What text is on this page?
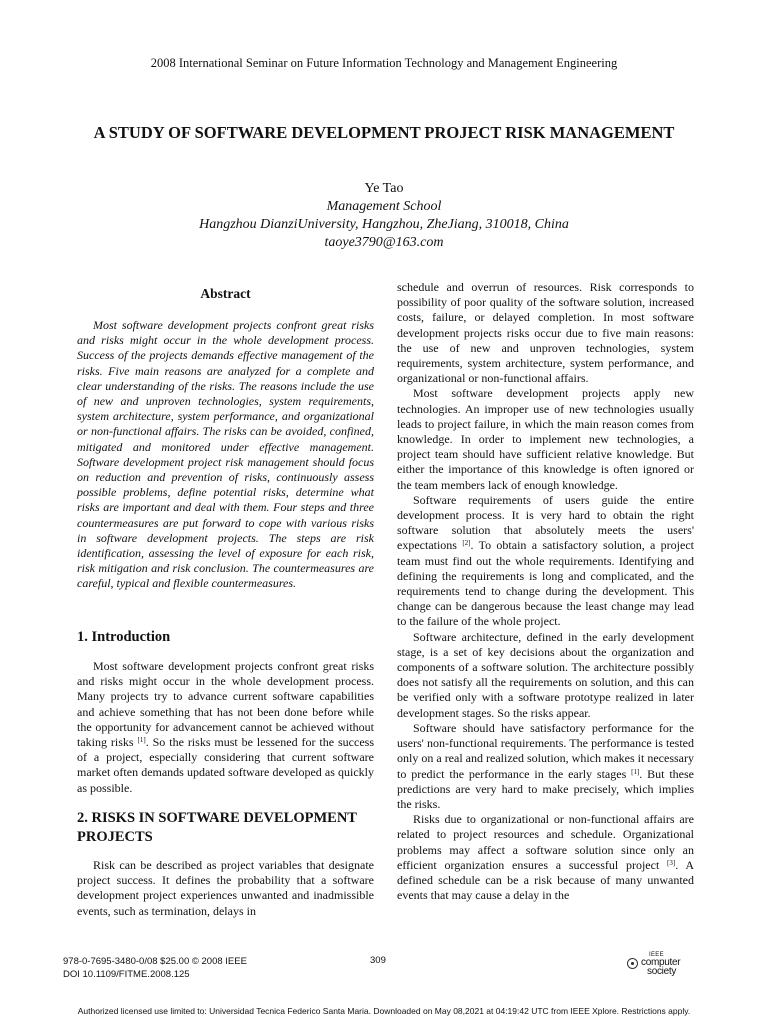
2008 International Seminar on Future Information Technology and Management Engineering
A STUDY OF SOFTWARE DEVELOPMENT PROJECT RISK MANAGEMENT
Ye Tao
Management School
Hangzhou DianziUniversity, Hangzhou, ZheJiang, 310018, China
taoye3790@163.com
Abstract

Most software development projects confront great risks and risks might occur in the whole development process. Success of the projects demands effective management of the risks. Five main reasons are analyzed for a complete and clear understanding of the risks. The reasons include the use of new and unproven technologies, system requirements, system architecture, system performance, and organizational or non-functional affairs. The risks can be avoided, confined, mitigated and monitored under effective management. Software development project risk management should focus on reduction and prevention of risks, continuously assess possible problems, define potential risks, determine what risks are important and deal with them. Four steps and three countermeasures are put forward to cope with various risks in software development projects. The steps are risk identification, assessing the level of exposure for each risk, risk mitigation and risk conclusion. The countermeasures are careful, typical and flexible countermeasures.

1. Introduction

Most software development projects confront great risks and risks might occur in the whole development process. Many projects try to advance current software capabilities and achieve something that has not been done before while the opportunity for advancement cannot be achieved without taking risks [1]. So the risks must be lessened for the success of a project, especially considering that current software market often demands updated software developed as quickly as possible.

2. RISKS IN SOFTWARE DEVELOPMENT PROJECTS

Risk can be described as project variables that designate project success. It defines the probability that a software development project experiences unwanted and inadmissible events, such as termination, delays in

schedule and overrun of resources. Risk corresponds to possibility of poor quality of the software solution, increased costs, failure, or delayed completion. In most software development projects risks occur due to five main reasons: the use of new and unproven technologies, system requirements, system architecture, system performance, and organizational or non-functional affairs.

Most software development projects apply new technologies. An improper use of new technologies usually leads to project failure, in which the main reason comes from knowledge. In order to implement new technologies, a project team should have sufficient relative knowledge. But either the importance of this knowledge is often ignored or the team members lack of enough knowledge.

Software requirements of users guide the entire development process. It is very hard to obtain the right software solution that absolutely meets the users' expectations [2]. To obtain a satisfactory solution, a project team must find out the whole requirements. Identifying and defining the requirements is long and complicated, and the requirements tend to change during the development. This change can be dangerous because the least change may lead to the failure of the whole project.

Software architecture, defined in the early development stage, is a set of key decisions about the organization and components of a software solution. The architecture possibly does not satisfy all the requirements on solution, and this can be verified only with a software prototype realized in later development stages. So the risks appear.

Software should have satisfactory performance for the users' non-functional requirements. The performance is tested only on a real and realized solution, which makes it necessary to predict the performance in the early stages [1]. But these predictions are very hard to make precisely, which implies the risks.

Risks due to organizational or non-functional affairs are related to project resources and schedule. Organizational problems may affect a software solution since only an efficient organization ensures a successful project [3]. A defined schedule can be a risk because of many unwanted events that may cause a delay in the

978-0-7695-3480-0/08 $25.00 © 2008 IEEE
DOI 10.1109/FITME.2008.125
309	IEEE
computer
society
Authorized licensed use limited to: Universidad Tecnica Federico Santa Maria. Downloaded on May 08,2021 at 04:19:42 UTC from IEEE Xplore. Restrictions apply.
